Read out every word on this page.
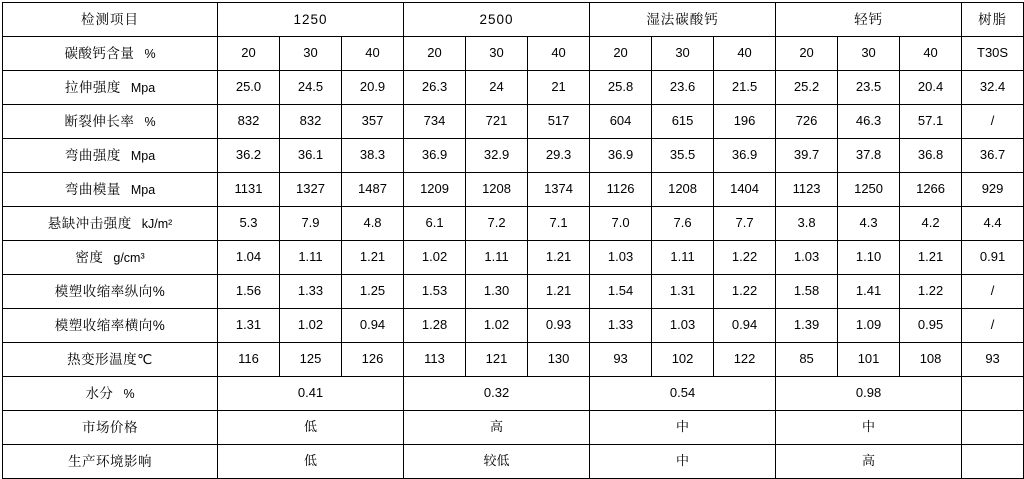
检测项目	1250			2500			湿法碳酸钙			轻钙			树脂

碳酸钙含量 %	20	30	40	20	30	40	20	30	40	20	30	40	T30S

拉伸强度 Mpa	25.0	24.5	20.9	26.3	24	21	25.8	23.6	21.5	25.2	23.5	20.4	32.4

断裂伸长率 %	832	832	357	734	721	517	604	615	196	726	46.3	57.1	/

弯曲强度 Mpa	36.2	36.1	38.3	36.9	32.9	29.3	36.9	35.5	36.9	39.7	37.8	36.8	36.7

弯曲模量 Mpa	1131	1327	1487	1209	1208	1374	1126	1208	1404	1123	1250	1266	929

悬缺冲击强度 kJ/m²	5.3	7.9	4.8	6.1	7.2	7.1	7.0	7.6	7.7	3.8	4.3	4.2	4.4

密度 g/cm³	1.04	1.11	1.21	1.02	1.11	1.21	1.03	1.11	1.22	1.03	1.10	1.21	0.91

模塑收缩率纵向%	1.56	1.33	1.25	1.53	1.30	1.21	1.54	1.31	1.22	1.58	1.41	1.22	/

模塑收缩率横向%	1.31	1.02	0.94	1.28	1.02	0.93	1.33	1.03	0.94	1.39	1.09	0.95	/

热变形温度℃	116	125	126	113	121	130	93	102	122	85	101	108	93

水分 %	0.41			0.32			0.54			0.98			

市场价格	低			高			中			中			

生产环境影响	低			较低			中			高			
